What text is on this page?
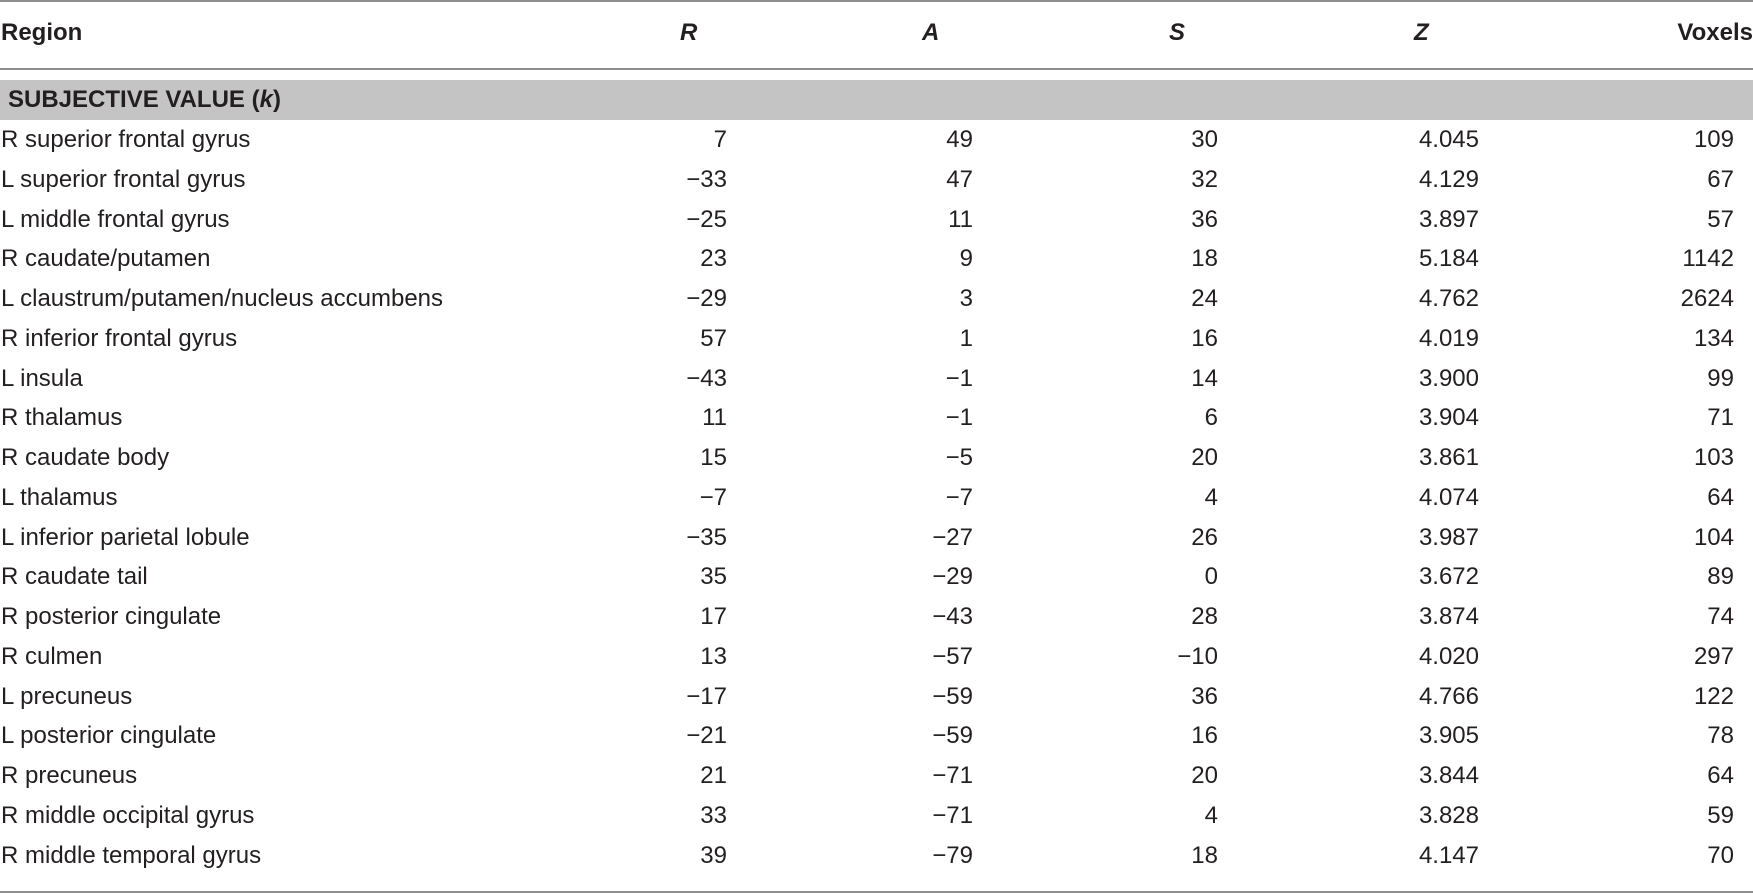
Region	R	A	S	Z	Voxels
SUBJECTIVE VALUE (k)
R superior frontal gyrus	7	49	30	4.045	109
L superior frontal gyrus	−33	47	32	4.129	67
L middle frontal gyrus	−25	11	36	3.897	57
R caudate/putamen	23	9	18	5.184	1142
L claustrum/putamen/nucleus accumbens	−29	3	24	4.762	2624
R inferior frontal gyrus	57	1	16	4.019	134
L insula	−43	−1	14	3.900	99
R thalamus	11	−1	6	3.904	71
R caudate body	15	−5	20	3.861	103
L thalamus	−7	−7	4	4.074	64
L inferior parietal lobule	−35	−27	26	3.987	104
R caudate tail	35	−29	0	3.672	89
R posterior cingulate	17	−43	28	3.874	74
R culmen	13	−57	−10	4.020	297
L precuneus	−17	−59	36	4.766	122
L posterior cingulate	−21	−59	16	3.905	78
R precuneus	21	−71	20	3.844	64
R middle occipital gyrus	33	−71	4	3.828	59
R middle temporal gyrus	39	−79	18	4.147	70
